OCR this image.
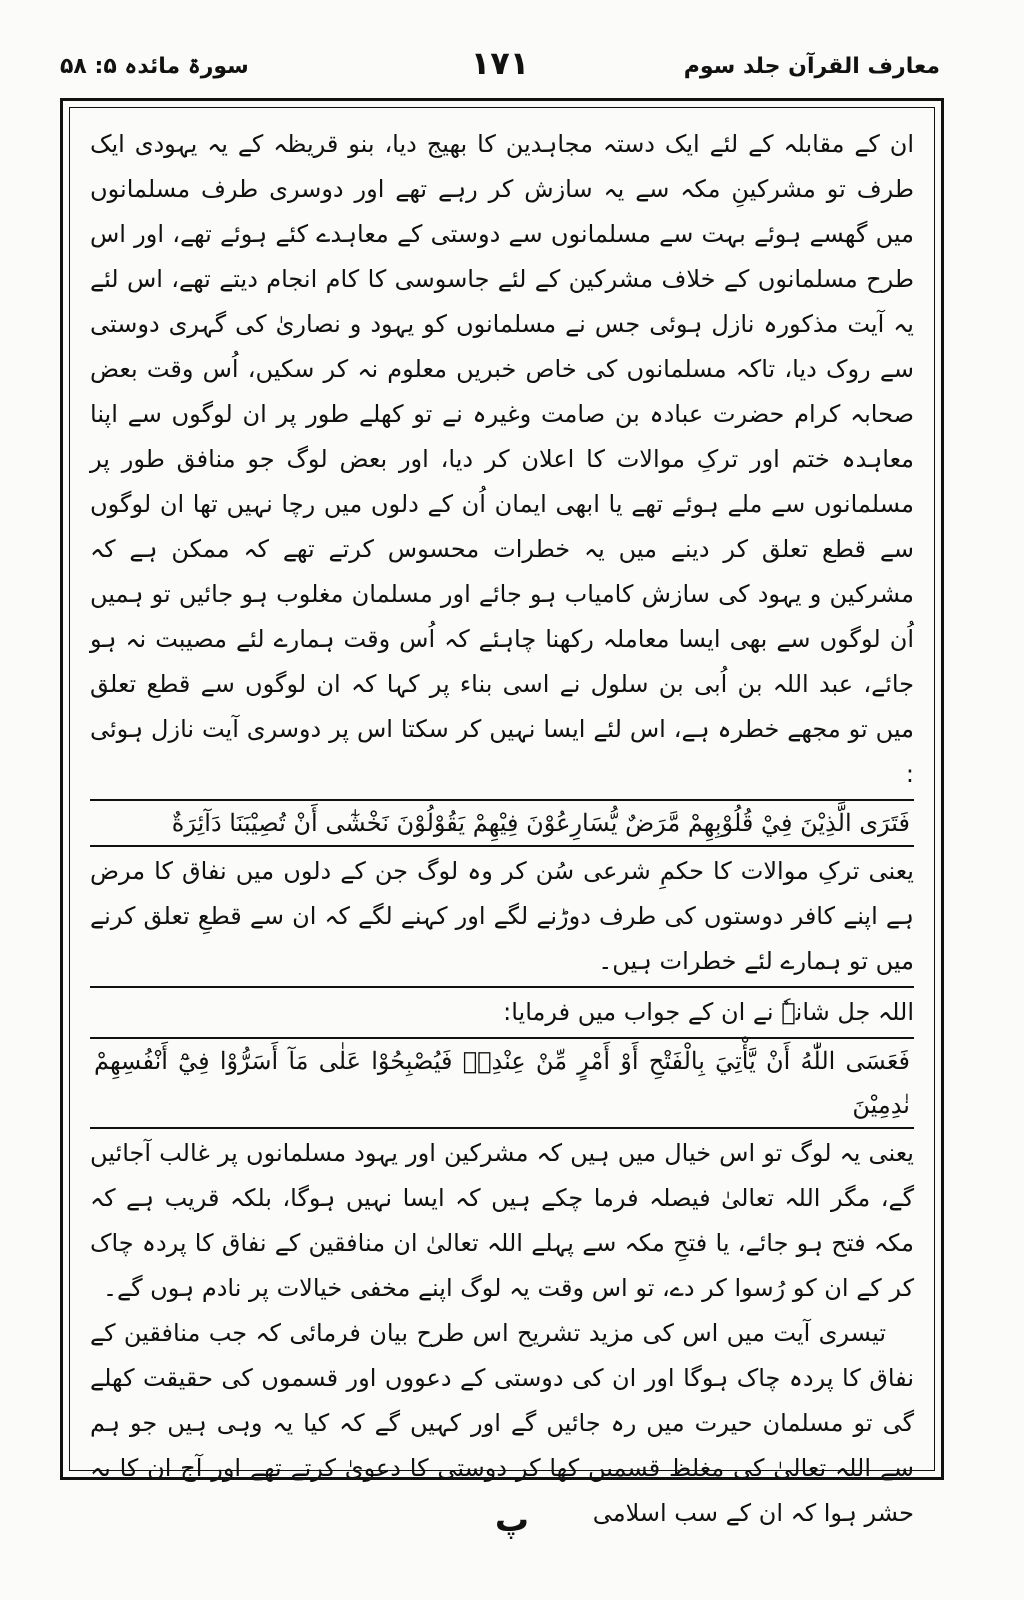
معارف القرآن جلد سوم
۱۷۱
سورۃ مائدہ ۵: ۵۸

ان کے مقابلہ کے لئے ایک دستہ مجاہدین کا بھیج دیا، بنو قریظہ کے یہ یہودی ایک طرف تو مشرکینِ مکہ سے یہ سازش کر رہے تھے اور دوسری طرف مسلمانوں میں گھسے ہوئے بہت سے مسلمانوں سے دوستی کے معاہدے کئے ہوئے تھے، اور اس طرح مسلمانوں کے خلاف مشرکین کے لئے جاسوسی کا کام انجام دیتے تھے، اس لئے یہ آیت مذکورہ نازل ہوئی جس نے مسلمانوں کو یہود و نصاریٰ کی گہری دوستی سے روک دیا، تاکہ مسلمانوں کی خاص خبریں معلوم نہ کر سکیں، اُس وقت بعض صحابہ کرام حضرت عبادہ بن صامت وغیرہ نے تو کھلے طور پر ان لوگوں سے اپنا معاہدہ ختم اور ترکِ موالات کا اعلان کر دیا، اور بعض لوگ جو منافق طور پر مسلمانوں سے ملے ہوئے تھے یا ابھی ایمان اُن کے دلوں میں رچا نہیں تھا ان لوگوں سے قطع تعلق کر دینے میں یہ خطرات محسوس کرتے تھے کہ ممکن ہے کہ مشرکین و یہود کی سازش کامیاب ہو جائے اور مسلمان مغلوب ہو جائیں تو ہمیں اُن لوگوں سے بھی ایسا معاملہ رکھنا چاہئے کہ اُس وقت ہمارے لئے مصیبت نہ ہو جائے، عبد اللہ بن اُبی بن سلول نے اسی بناء پر کہا کہ ان لوگوں سے قطع تعلق میں تو مجھے خطرہ ہے، اس لئے ایسا نہیں کر سکتا اس پر دوسری آیت نازل ہوئی :

فَتَرَى الَّذِيْنَ فِيْ قُلُوْبِهِمْ مَّرَضٌ يُّسَارِعُوْنَ فِيْهِمْ يَقُوْلُوْنَ نَخْشٰٓى أَنْ تُصِيْبَنَا دَآئِرَةٌ

یعنی ترکِ موالات کا حکمِ شرعی سُن کر وہ لوگ جن کے دلوں میں نفاق کا مرض ہے اپنے کافر دوستوں کی طرف دوڑنے لگے اور کہنے لگے کہ ان سے قطعِ تعلق کرنے میں تو ہمارے لئے خطرات ہیں۔

اللہ جل شانہٗ نے ان کے جواب میں فرمایا:

فَعَسَى اللّٰهُ أَنْ يَّأْتِيَ بِالْفَتْحِ أَوْ أَمْرٍ مِّنْ عِنْدِهٖ فَيُصْبِحُوْا عَلٰى مَآ أَسَرُّوْا فِيْٓ أَنْفُسِهِمْ نٰدِمِيْنَ

یعنی یہ لوگ تو اس خیال میں ہیں کہ مشرکین اور یہود مسلمانوں پر غالب آجائیں گے، مگر اللہ تعالیٰ فیصلہ فرما چکے ہیں کہ ایسا نہیں ہوگا، بلکہ قریب ہے کہ مکہ فتح ہو جائے، یا فتحِ مکہ سے پہلے اللہ تعالیٰ ان منافقین کے نفاق کا پردہ چاک کر کے ان کو رُسوا کر دے، تو اس وقت یہ لوگ اپنے مخفی خیالات پر نادم ہوں گے۔

تیسری آیت میں اس کی مزید تشریح اس طرح بیان فرمائی کہ جب منافقین کے نفاق کا پردہ چاک ہوگا اور ان کی دوستی کے دعووں اور قسموں کی حقیقت کھلے گی تو مسلمان حیرت میں رہ جائیں گے اور کہیں گے کہ کیا یہ وہی ہیں جو ہم سے اللہ تعالیٰ کی مغلظ قسمیں کھا کر دوستی کا دعویٰ کرتے تھے اور آج ان کا یہ حشر ہوا کہ ان کے سب اسلامی

پ
